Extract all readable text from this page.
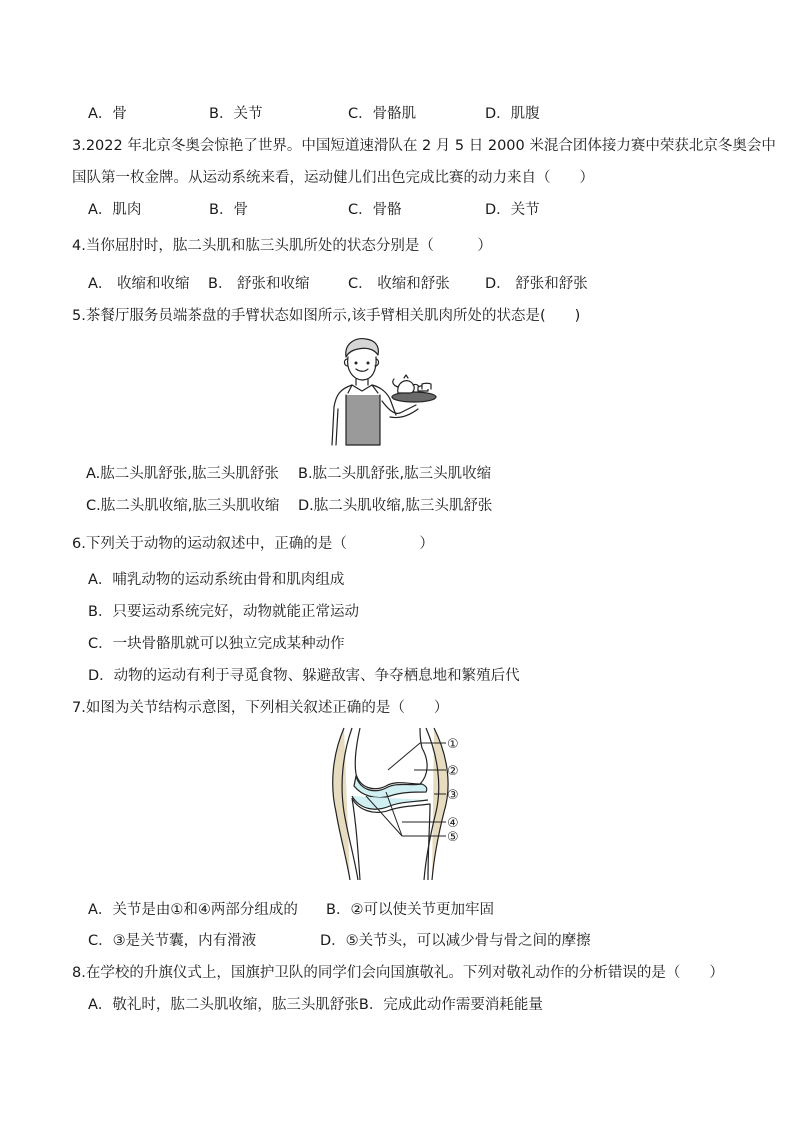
A．骨	B．关节	C．骨骼肌	D．肌腹
3.2022 年北京冬奥会惊艳了世界。中国短道速滑队在 2 月 5 日 2000 米混合团体接力赛中荣获北京冬奥会中
国队第一枚金牌。从运动系统来看，运动健儿们出色完成比赛的动力来自（　　）
A．肌肉	B．骨	C．骨骼	D．关节
4.当你屈肘时，肱二头肌和肱三头肌所处的状态分别是（　　　）
A． 收缩和收缩 B． 舒张和收缩	C． 收缩和舒张 D． 舒张和舒张
5.茶餐厅服务员端茶盘的手臂状态如图所示,该手臂相关肌肉所处的状态是(　　)
A.肱二头肌舒张,肱三头肌舒张 B.肱二头肌舒张,肱三头肌收缩
C.肱二头肌收缩,肱三头肌收缩 D.肱二头肌收缩,肱三头肌舒张
6.下列关于动物的运动叙述中，正确的是（　　　　　）
A．哺乳动物的运动系统由骨和肌肉组成
B．只要运动系统完好，动物就能正常运动
C．一块骨骼肌就可以独立完成某种动作
D．动物的运动有利于寻觅食物、躲避敌害、争夺栖息地和繁殖后代
7.如图为关节结构示意图，下列相关叙述正确的是（　　）
①
②
③
④
⑤
A．关节是由①和④两部分组成的 B．②可以使关节更加牢固
C．③是关节囊，内有滑液	D．⑤关节头，可以减少骨与骨之间的摩擦
8.在学校的升旗仪式上，国旗护卫队的同学们会向国旗敬礼。下列对敬礼动作的分析错误的是（　　）
A．敬礼时，肱二头肌收缩，肱三头肌舒张B．完成此动作需要消耗能量
